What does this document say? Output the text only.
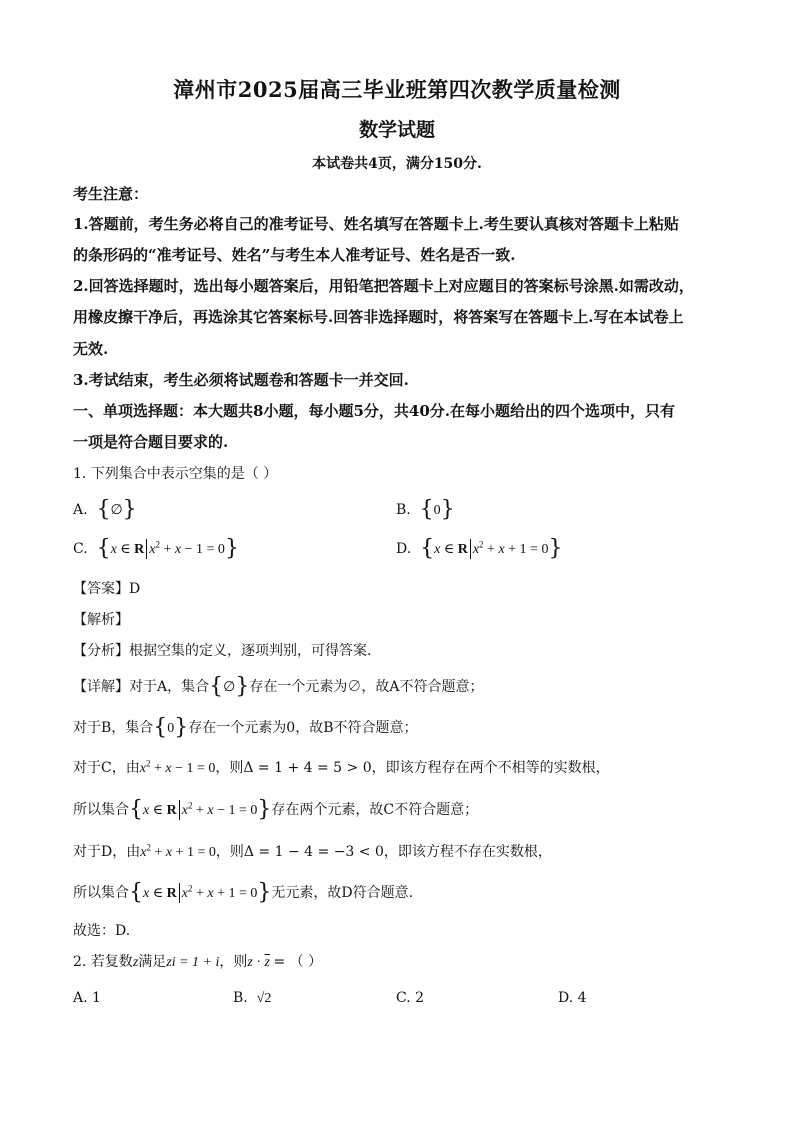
漳州市2025届高三毕业班第四次教学质量检测
数学试题
本试卷共4页，满分150分.
考生注意：
1.答题前，考生务必将自己的准考证号、姓名填写在答题卡上.考生要认真核对答题卡上粘贴
的条形码的“准考证号、姓名”与考生本人准考证号、姓名是否一致.
2.回答选择题时，选出每小题答案后，用铅笔把答题卡上对应题目的答案标号涂黑.如需改动，
用橡皮擦干净后，再选涂其它答案标号.回答非选择题时，将答案写在答题卡上.写在本试卷上
无效.
3.考试结束，考生必须将试题卷和答题卡一并交回.
一、单项选择题：本大题共8小题，每小题5分，共40分.在每小题给出的四个选项中，只有
一项是符合题目要求的.
1. 下列集合中表示空集的是（ ）
A. {∅}	B. {0}
C. {x ∈ R $x^2 + x - 1 = 0$}	D. {x ∈ R $x^2 + x + 1 = 0$}
【答案】D
【解析】
【分析】根据空集的定义，逐项判别，可得答案.
【详解】对于A，集合{∅}存在一个元素为∅，故A不符合题意；
对于B，集合{0}存在一个元素为0，故B不符合题意；
对于C，由$x^2 + x - 1 = 0$，则Δ = 1 + 4 = 5 > 0，即该方程存在两个不相等的实数根，
所以集合{x ∈ R $x^2 + x - 1 = 0$}存在两个元素，故C不符合题意；
对于D，由$x^2 + x + 1 = 0$，则Δ = 1 − 4 = −3 < 0，即该方程不存在实数根，
所以集合{x ∈ R $x^2 + x + 1 = 0$}无元素，故D符合题意.
故选：D.
2. 若复数z满足zi = 1 + i，则$z \cdot \overline{z}$ = （ ）
A. 1	B. √2	C. 2	D. 4
